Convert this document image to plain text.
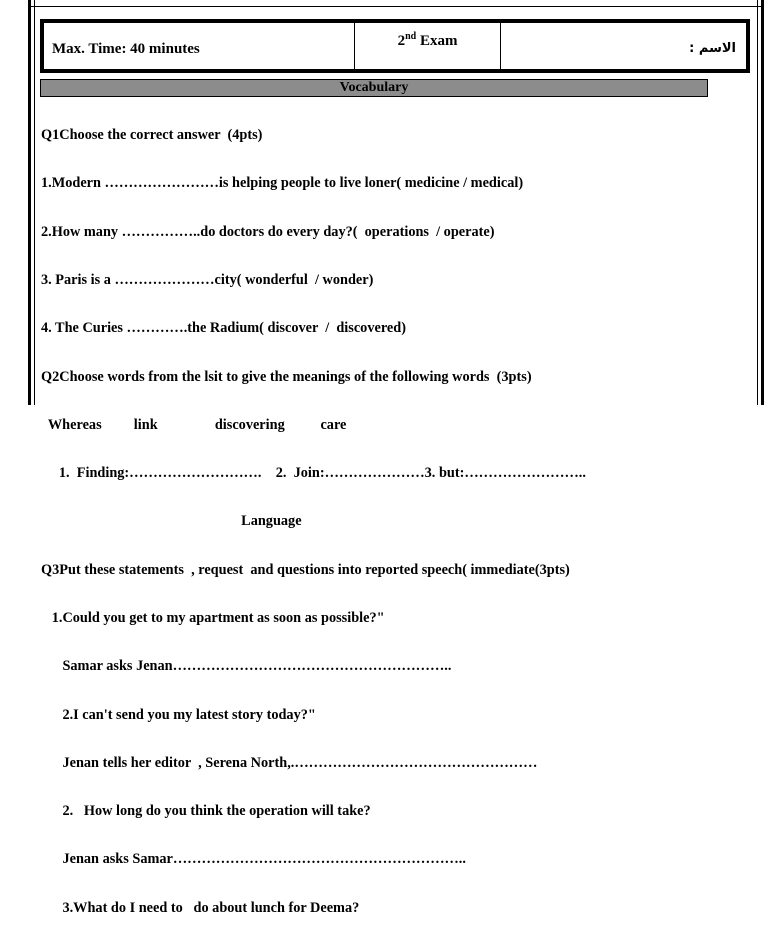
Max. Time: 40 minutes	2nd Exam	الاسم :
Vocabulary

Q1Choose the correct answer  (4pts)

1.Modern ……………………is helping people to live loner( medicine / medical)

2.How many ……………..do doctors do every day?(  operations  / operate)

3. Paris is a …………………city( wonderful  / wonder)

4. The Curies ………….the Radium( discover  /  discovered)

Q2Choose words from the lsit to give the meanings of the following words  (3pts)

Whereas         link                discovering          care

1.  Finding:……………………….    2.  Join:…………………3. but:……………………..

Language

Q3Put these statements  , request  and questions into reported speech( immediate(3pts)

1.Could you get to my apartment as soon as possible?"

Samar asks Jenan…………………………………………………..

2.I can't send you my latest story today?"

Jenan tells her editor  , Serena North,.……………………………………………

2.   How long do you think the operation will take?

Jenan asks Samar……………………………………………………..

3.What do I need to   do about lunch for Deema?
